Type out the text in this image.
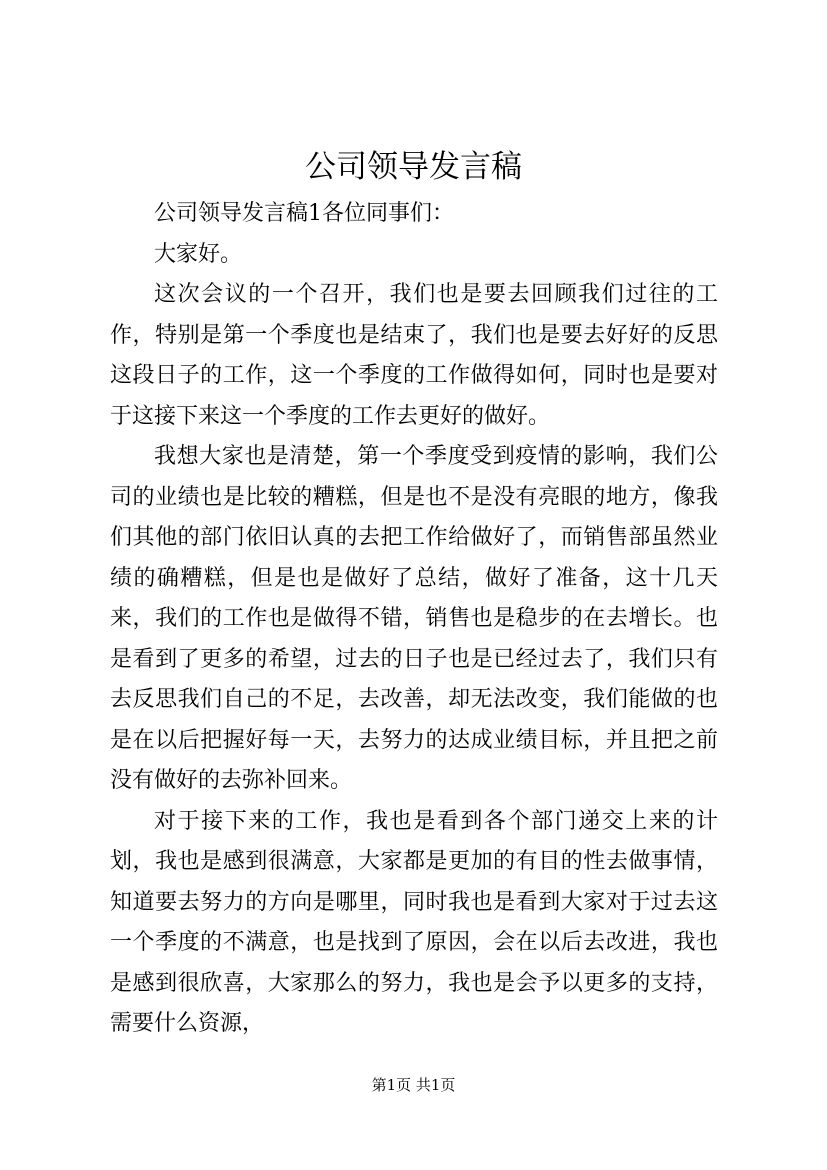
公司领导发言稿

公司领导发言稿1各位同事们：

大家好。

这次会议的一个召开，我们也是要去回顾我们过往的工作，特别是第一个季度也是结束了，我们也是要去好好的反思这段日子的工作，这一个季度的工作做得如何，同时也是要对于这接下来这一个季度的工作去更好的做好。

我想大家也是清楚，第一个季度受到疫情的影响，我们公司的业绩也是比较的糟糕，但是也不是没有亮眼的地方，像我们其他的部门依旧认真的去把工作给做好了，而销售部虽然业绩的确糟糕，但是也是做好了总结，做好了准备，这十几天来，我们的工作也是做得不错，销售也是稳步的在去增长。也是看到了更多的希望，过去的日子也是已经过去了，我们只有去反思我们自己的不足，去改善，却无法改变，我们能做的也是在以后把握好每一天，去努力的达成业绩目标，并且把之前没有做好的去弥补回来。

对于接下来的工作，我也是看到各个部门递交上来的计划，我也是感到很满意，大家都是更加的有目的性去做事情，知道要去努力的方向是哪里，同时我也是看到大家对于过去这一个季度的不满意，也是找到了原因，会在以后去改进，我也是感到很欣喜，大家那么的努力，我也是会予以更多的支持，需要什么资源，

第1页 共1页
